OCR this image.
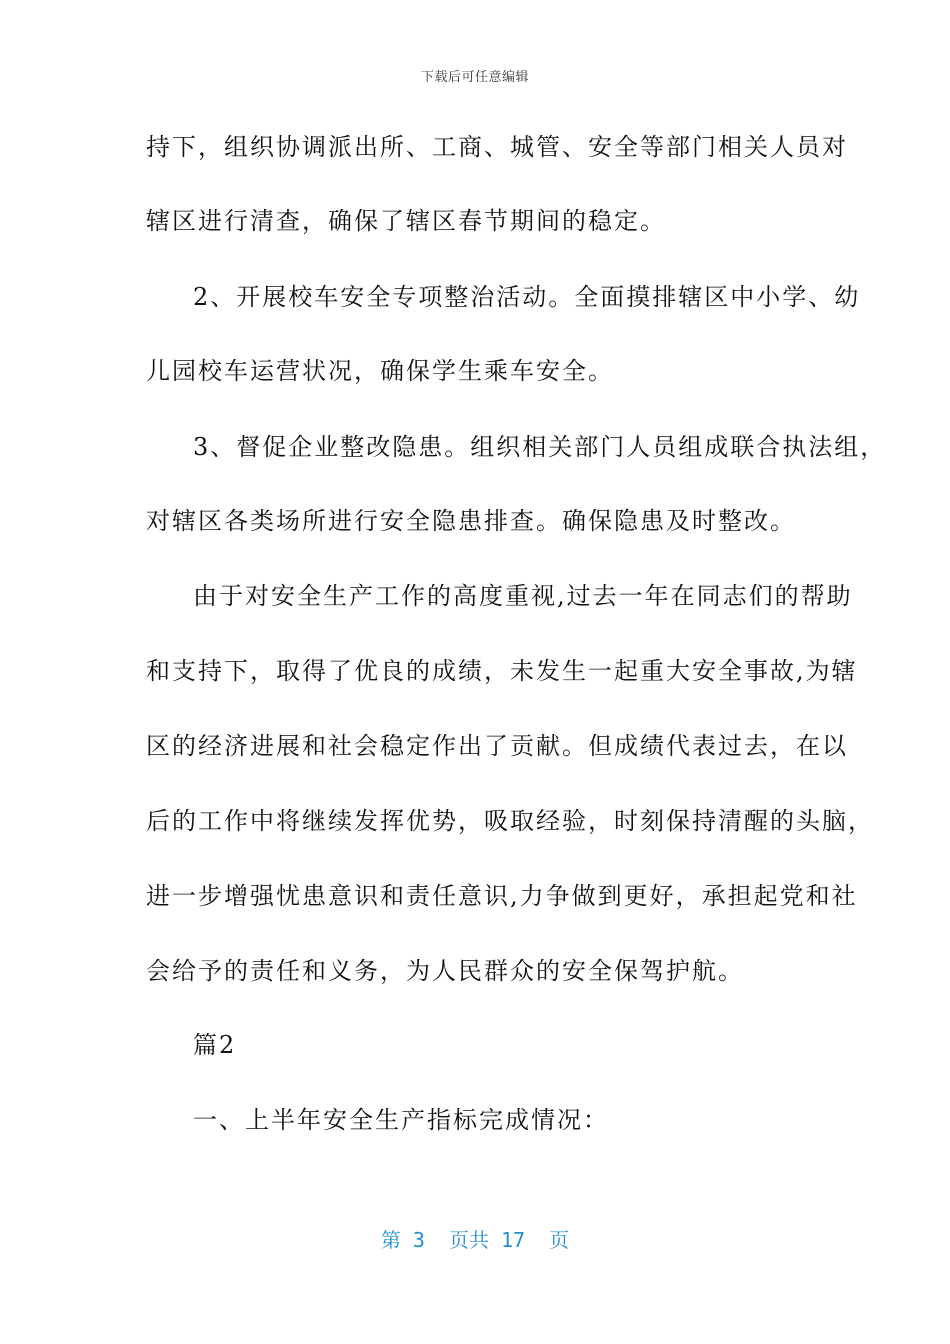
下载后可任意编辑
持下，组织协调派出所、工商、城管、安全等部门相关人员对
辖区进行清查，确保了辖区春节期间的稳定。
2、开展校车安全专项整治活动。全面摸排辖区中小学、幼
儿园校车运营状况，确保学生乘车安全。
3、督促企业整改隐患。组织相关部门人员组成联合执法组，
对辖区各类场所进行安全隐患排查。确保隐患及时整改。
由于对安全生产工作的高度重视,过去一年在同志们的帮助
和支持下，取得了优良的成绩，未发生一起重大安全事故,为辖
区的经济进展和社会稳定作出了贡献。但成绩代表过去，在以
后的工作中将继续发挥优势，吸取经验，时刻保持清醒的头脑，
进一步增强忧患意识和责任意识,力争做到更好，承担起党和社
会给予的责任和义务，为人民群众的安全保驾护航。
篇2
一、上半年安全生产指标完成情况：
第 3  页共 17  页
